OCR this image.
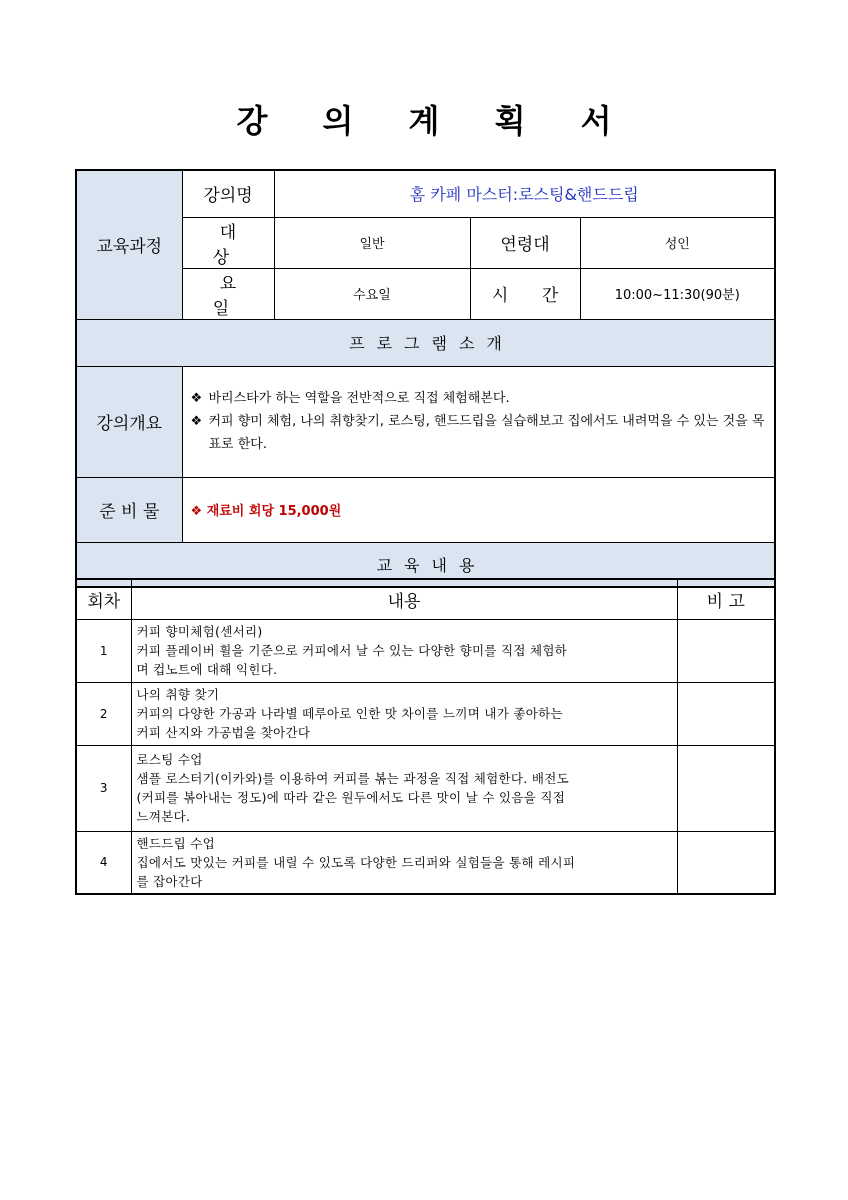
강 의 계 획 서
교육과정	강의명	홈 카페 마스터:로스팅&핸드드립		
	대 상	일반	연령대	성인
	요 일	수요일	시 간	10:00~11:30(90분)
프로그램소개				
강의개요	❖ 바리스타가 하는 역할을 전반적으로 직접 체험해본다.
❖ 커피 향미 체험, 나의 취향찾기, 로스팅, 핸드드립을 실습해보고 집에서도 내려먹을 수 있는 것을 목표로 한다.			

준 비 물	❖ 재료비 회당 15,000원			
교육내용				
회차	내용	비 고
1	커피 향미체험(센서리)
커피 플레이버 휠을 기준으로 커피에서 날 수 있는 다양한 향미를 직접 체험하
며 컵노트에 대해 익힌다.	

2	나의 취향 찾기
커피의 다양한 가공과 나라별 떼루아로 인한 맛 차이를 느끼며 내가 좋아하는
커피 산지와 가공법을 찾아간다	

3	로스팅 수업
샘플 로스터기(이카와)를 이용하여 커피를 볶는 과정을 직접 체험한다. 배전도
(커피를 볶아내는 정도)에 따라 같은 원두에서도 다른 맛이 날 수 있음을 직접
느껴본다.	

4	핸드드립 수업
집에서도 맛있는 커피를 내릴 수 있도록 다양한 드리퍼와 실험들을 통해 레시피
를 잡아간다	
